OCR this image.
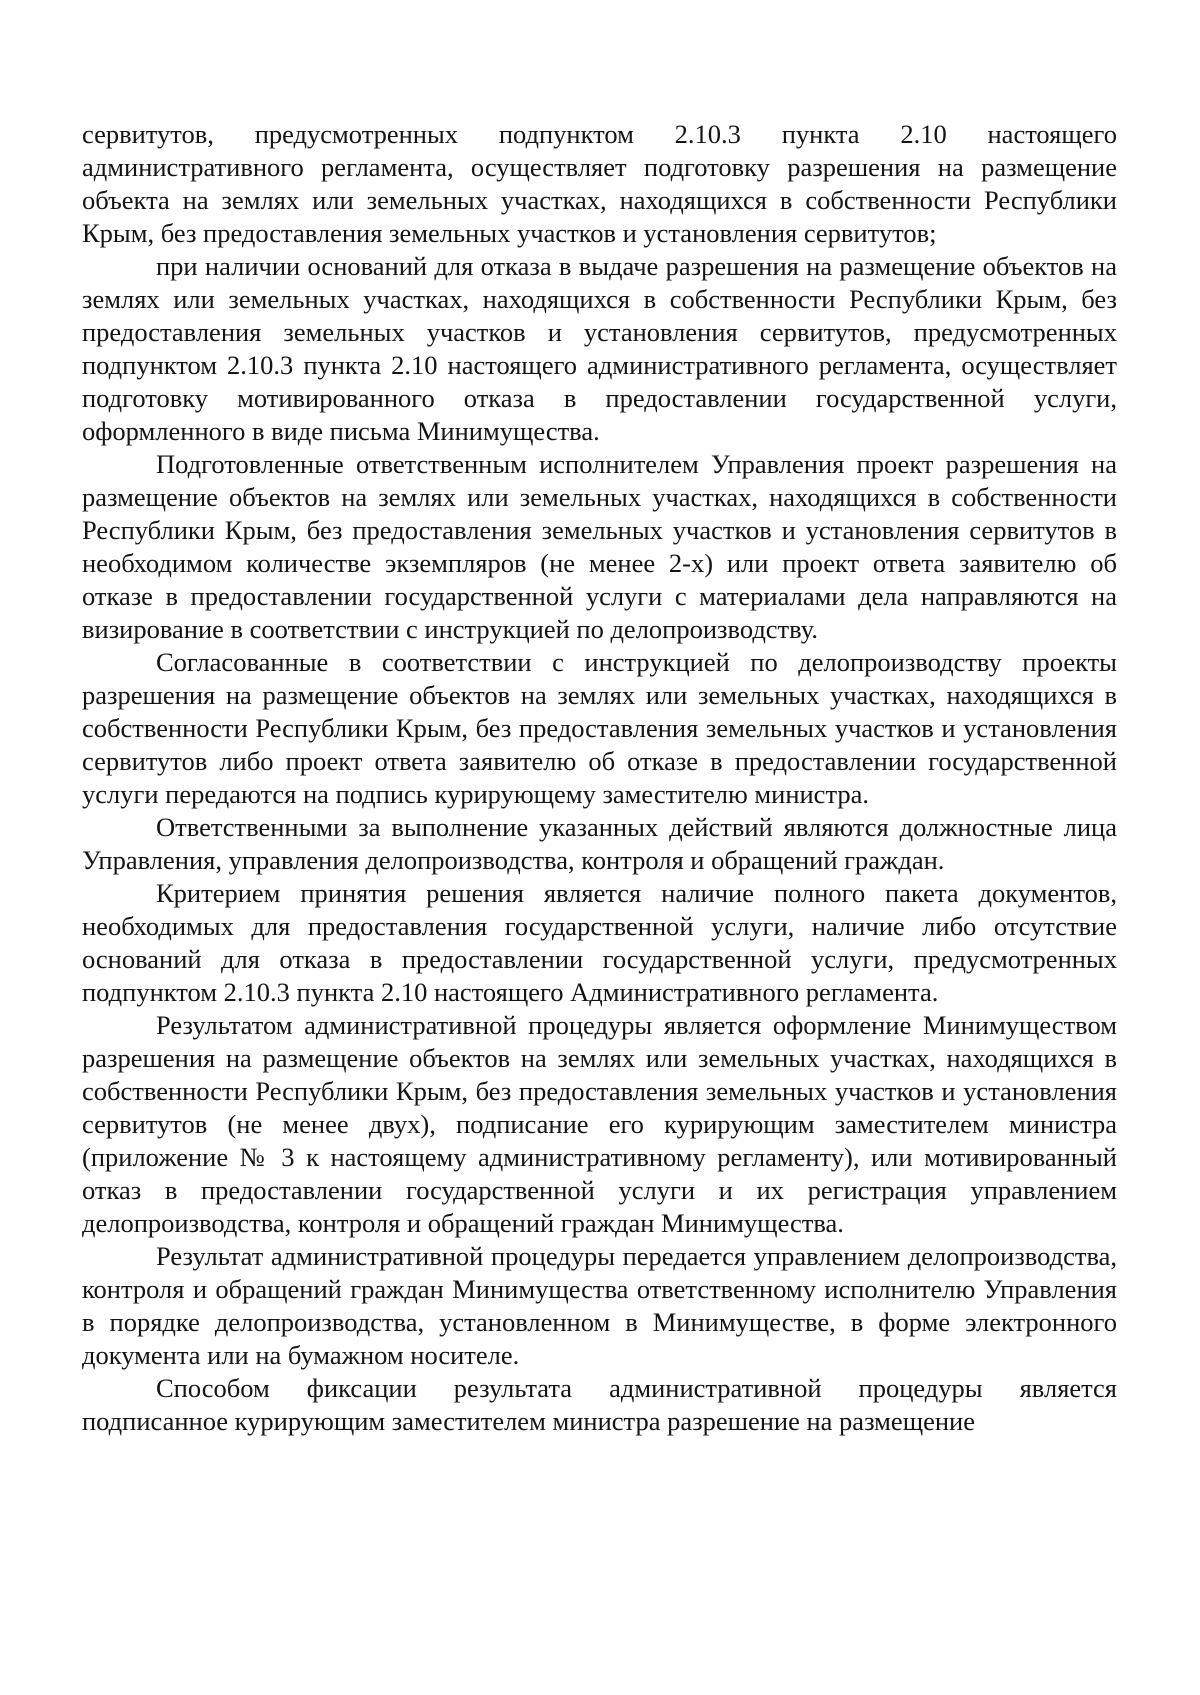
сервитутов, предусмотренных подпунктом 2.10.3 пункта 2.10 настоящего административного регламента, осуществляет подготовку разрешения на размещение объекта на землях или земельных участках, находящихся в собственности Республики Крым, без предоставления земельных участков и установления сервитутов;

при наличии оснований для отказа в выдаче разрешения на размещение объектов на землях или земельных участках, находящихся в собственности Республики Крым, без предоставления земельных участков и установления сервитутов, предусмотренных подпунктом 2.10.3 пункта 2.10 настоящего административного регламента, осуществляет подготовку мотивированного отказа в предоставлении государственной услуги, оформленного в виде письма Минимущества.

Подготовленные ответственным исполнителем Управления проект разрешения на размещение объектов на землях или земельных участках, находящихся в собственности Республики Крым, без предоставления земельных участков и установления сервитутов в необходимом количестве экземпляров (не менее 2-х) или проект ответа заявителю об отказе в предоставлении государственной услуги с материалами дела направляются на визирование в соответствии с инструкцией по делопроизводству.

Согласованные в соответствии с инструкцией по делопроизводству проекты разрешения на размещение объектов на землях или земельных участках, находящихся в собственности Республики Крым, без предоставления земельных участков и установления сервитутов либо проект ответа заявителю об отказе в предоставлении государственной услуги передаются на подпись курирующему заместителю министра.

Ответственными за выполнение указанных действий являются должностные лица Управления, управления делопроизводства, контроля и обращений граждан.

Критерием принятия решения является наличие полного пакета документов, необходимых для предоставления государственной услуги, наличие либо отсутствие оснований для отказа в предоставлении государственной услуги, предусмотренных подпунктом 2.10.3 пункта 2.10 настоящего Административного регламента.

Результатом административной процедуры является оформление Минимуществом разрешения на размещение объектов на землях или земельных участках, находящихся в собственности Республики Крым, без предоставления земельных участков и установления сервитутов (не менее двух), подписание его курирующим заместителем министра (приложение № 3 к настоящему административному регламенту), или мотивированный отказ в предоставлении государственной услуги и их регистрация управлением делопроизводства, контроля и обращений граждан Минимущества.

Результат административной процедуры передается управлением делопроизводства, контроля и обращений граждан Минимущества ответственному исполнителю Управления в порядке делопроизводства, установленном в Минимуществе, в форме электронного документа или на бумажном носителе.

Способом фиксации результата административной процедуры является подписанное курирующим заместителем министра разрешение на размещение
